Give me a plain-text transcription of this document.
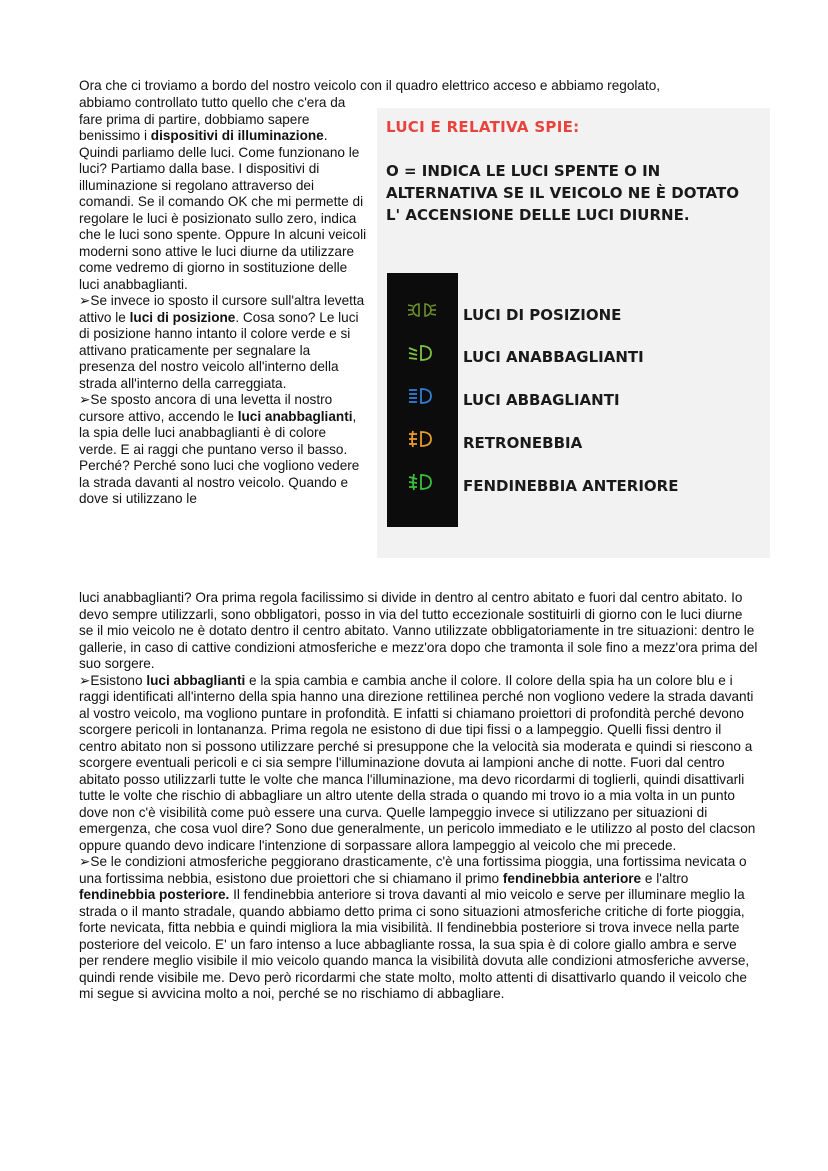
Ora che ci troviamo a bordo del nostro veicolo con il quadro elettrico acceso e abbiamo regolato,

abbiamo controllato tutto quello che c'era da fare prima di partire, dobbiamo sapere benissimo i dispositivi di illuminazione. Quindi parliamo delle luci. Come funzionano le luci? Partiamo dalla base. I dispositivi di illuminazione si regolano attraverso dei comandi. Se il comando OK che mi permette di regolare le luci è posizionato sullo zero, indica che le luci sono spente. Oppure In alcuni veicoli moderni sono attive le luci diurne da utilizzare come vedremo di giorno in sostituzione delle luci anabbaglianti.

➢Se invece io sposto il cursore sull'altra levetta attivo le luci di posizione. Cosa sono? Le luci di posizione hanno intanto il colore verde e si attivano praticamente per segnalare la presenza del nostro veicolo all'interno della strada all'interno della carreggiata.

➢Se sposto ancora di una levetta il nostro cursore attivo, accendo le luci anabbaglianti, la spia delle luci anabbaglianti è di colore verde. E ai raggi che puntano verso il basso. Perché? Perché sono luci che vogliono vedere la strada davanti al nostro veicolo. Quando e dove si utilizzano le

LUCI E RELATIVA SPIE:
O = INDICA LE LUCI SPENTE O IN ALTERNATIVA SE IL VEICOLO NE È DOTATO L' ACCENSIONE DELLE LUCI DIURNE.
LUCI DI POSIZIONE
LUCI ANABBAGLIANTI
LUCI ABBAGLIANTI
RETRONEBBIA
FENDINEBBIA ANTERIORE

luci anabbaglianti? Ora prima regola facilissimo si divide in dentro al centro abitato e fuori dal centro abitato. Io devo sempre utilizzarli, sono obbligatori, posso in via del tutto eccezionale sostituirli di giorno con le luci diurne se il mio veicolo ne è dotato dentro il centro abitato. Vanno utilizzate obbligatoriamente in tre situazioni: dentro le gallerie, in caso di cattive condizioni atmosferiche e mezz'ora dopo che tramonta il sole fino a mezz'ora prima del suo sorgere.

➢Esistono luci abbaglianti e la spia cambia e cambia anche il colore. Il colore della spia ha un colore blu e i raggi identificati all'interno della spia hanno una direzione rettilinea perché non vogliono vedere la strada davanti al vostro veicolo, ma vogliono puntare in profondità. E infatti si chiamano proiettori di profondità perché devono scorgere pericoli in lontananza. Prima regola ne esistono di due tipi fissi o a lampeggio. Quelli fissi dentro il centro abitato non si possono utilizzare perché si presuppone che la velocità sia moderata e quindi si riescono a scorgere eventuali pericoli e ci sia sempre l'illuminazione dovuta ai lampioni anche di notte. Fuori dal centro abitato posso utilizzarli tutte le volte che manca l'illuminazione, ma devo ricordarmi di toglierli, quindi disattivarli tutte le volte che rischio di abbagliare un altro utente della strada o quando mi trovo io a mia volta in un punto dove non c'è visibilità come può essere una curva. Quelle lampeggio invece si utilizzano per situazioni di emergenza, che cosa vuol dire? Sono due generalmente, un pericolo immediato e le utilizzo al posto del clacson oppure quando devo indicare l'intenzione di sorpassare allora lampeggio al veicolo che mi precede.

➢Se le condizioni atmosferiche peggiorano drasticamente, c'è una fortissima pioggia, una fortissima nevicata o una fortissima nebbia, esistono due proiettori che si chiamano il primo fendinebbia anteriore e l'altro fendinebbia posteriore. Il fendinebbia anteriore si trova davanti al mio veicolo e serve per illuminare meglio la strada o il manto stradale, quando abbiamo detto prima ci sono situazioni atmosferiche critiche di forte pioggia, forte nevicata, fitta nebbia e quindi migliora la mia visibilità. Il fendinebbia posteriore si trova invece nella parte posteriore del veicolo. E' un faro intenso a luce abbagliante rossa, la sua spia è di colore giallo ambra e serve per rendere meglio visibile il mio veicolo quando manca la visibilità dovuta alle condizioni atmosferiche avverse, quindi rende visibile me. Devo però ricordarmi che state molto, molto attenti di disattivarlo quando il veicolo che mi segue si avvicina molto a noi, perché se no rischiamo di abbagliare.
